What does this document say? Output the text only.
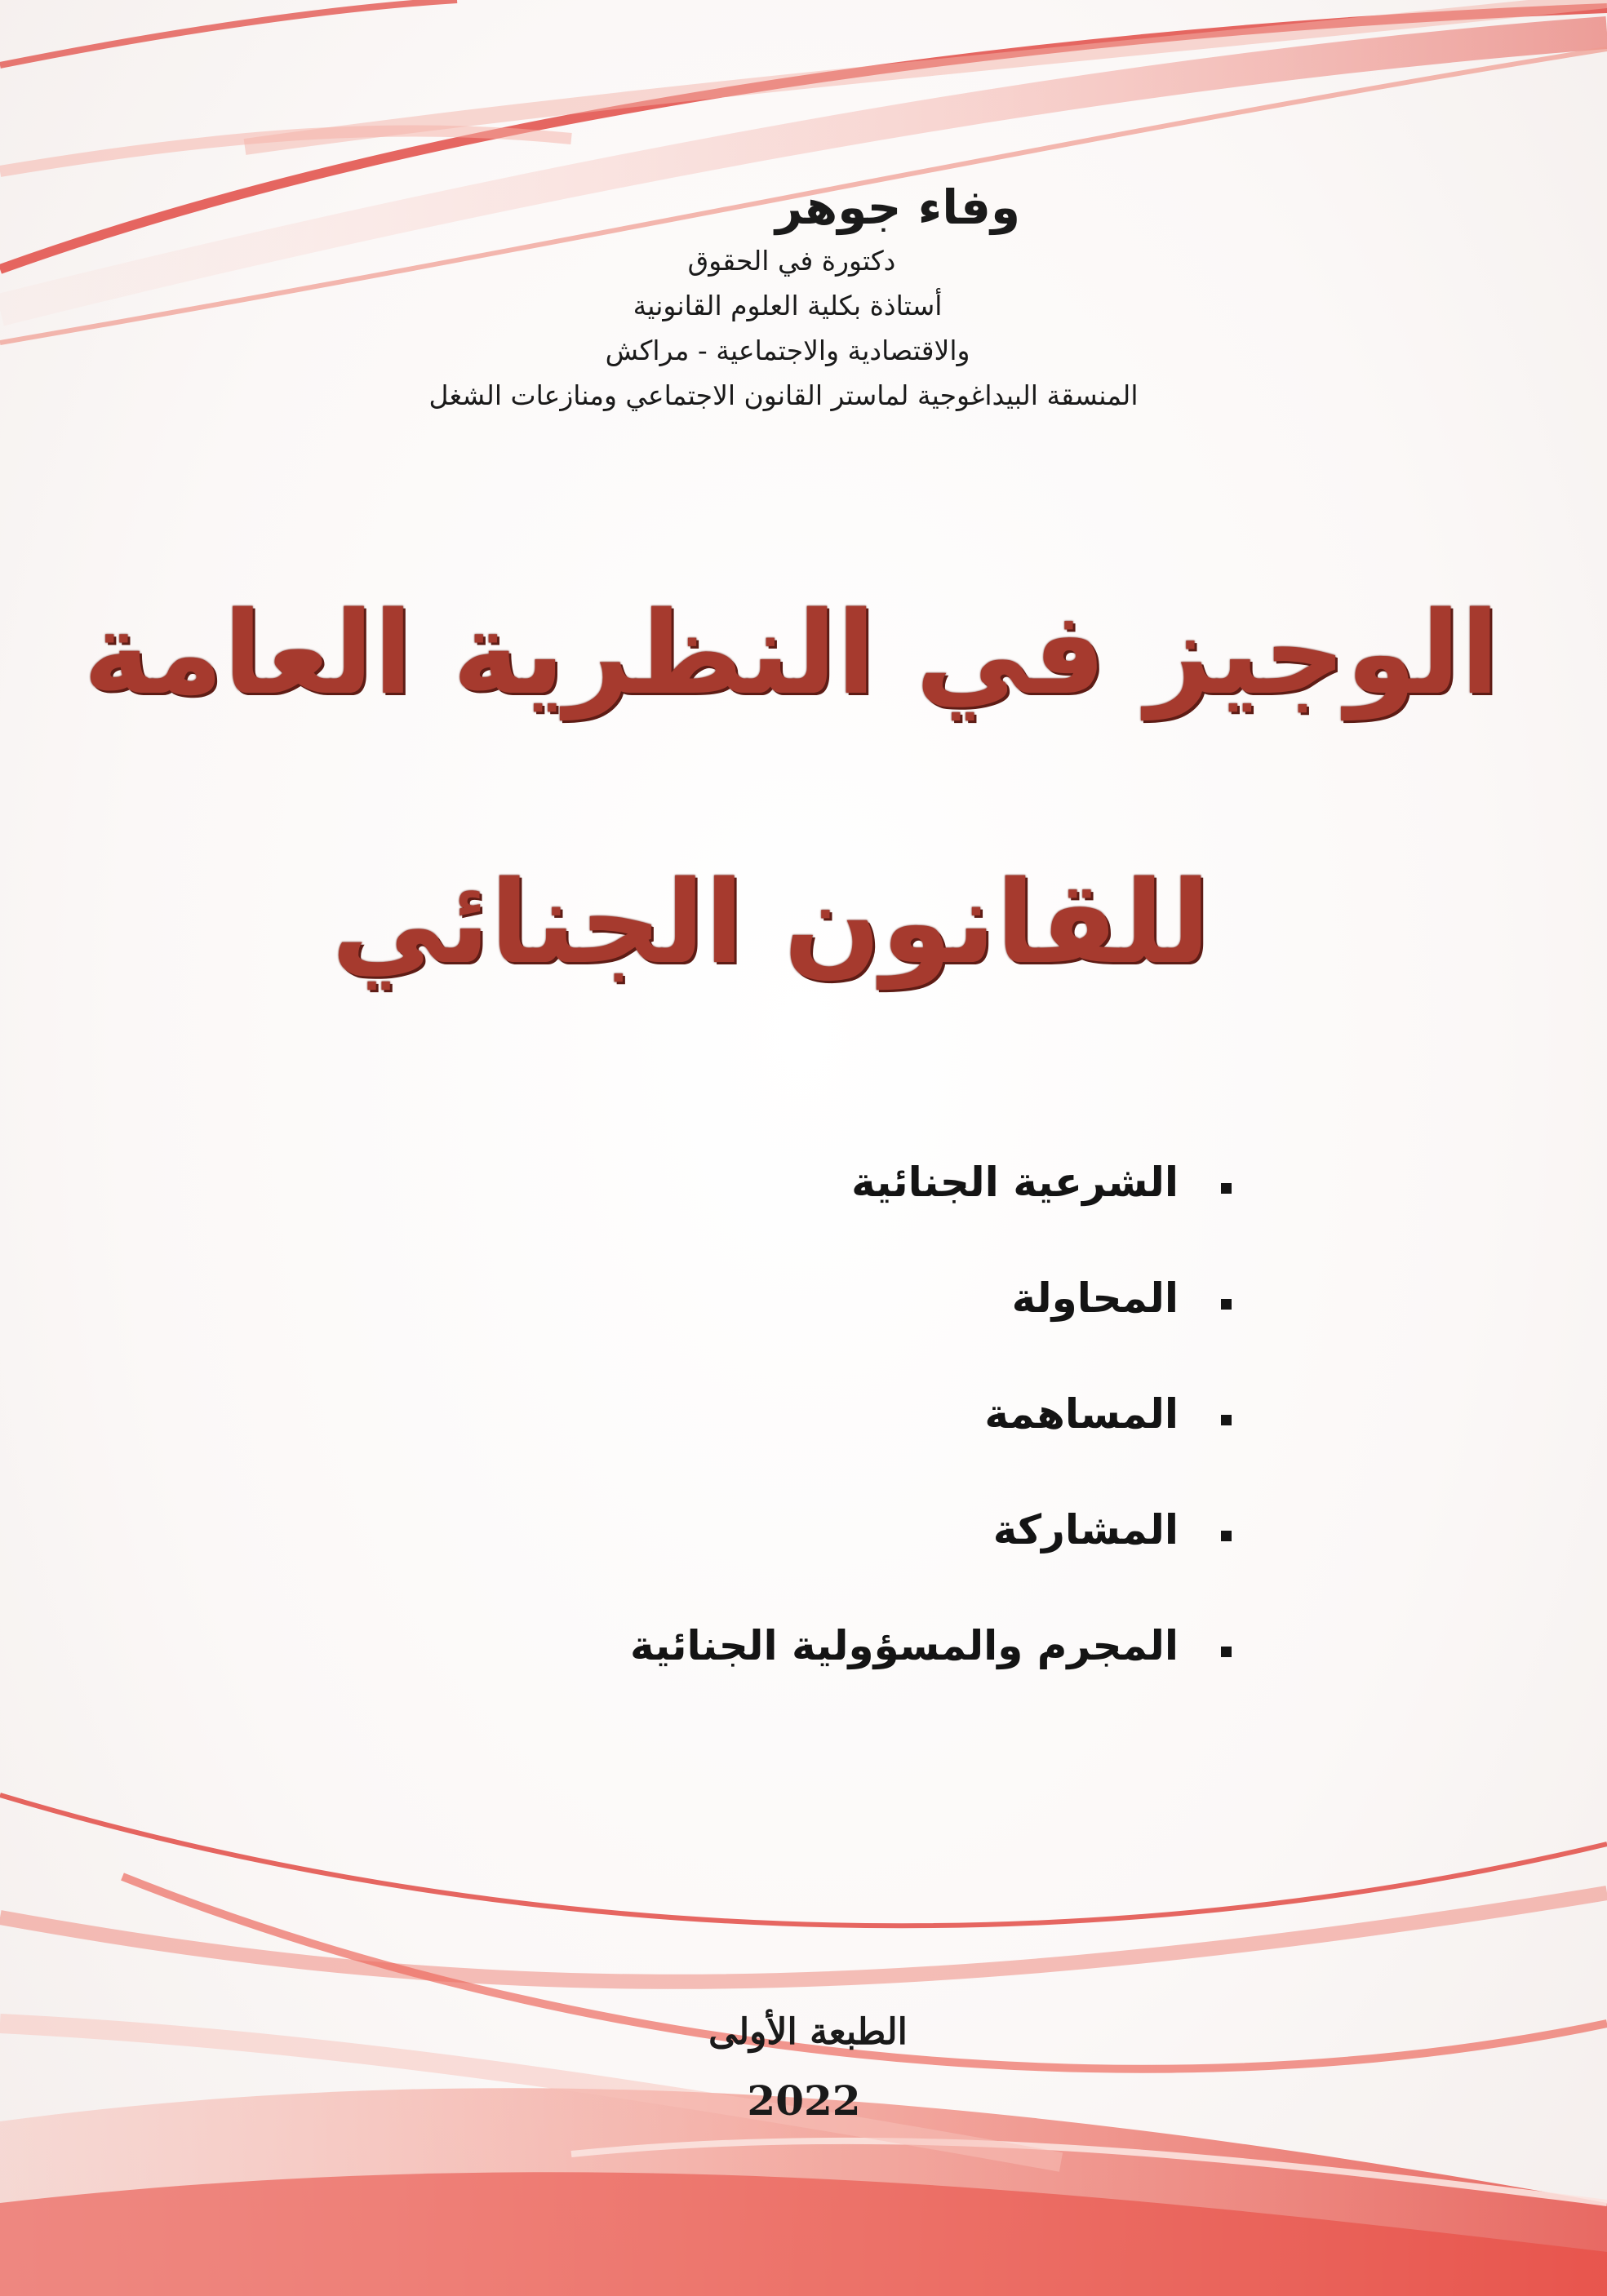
وفاء جوهر
دكتورة في الحقوق
أستاذة بكلية العلوم القانونية
والاقتصادية والاجتماعية - مراكش
المنسقة البيداغوجية لماستر القانون الاجتماعي ومنازعات الشغل
الوجيز في النظرية العامة
للقانون الجنائي
الشرعية الجنائية
المحاولة
المساهمة
المشاركة
المجرم والمسؤولية الجنائية
الطبعة الأولى
2022
